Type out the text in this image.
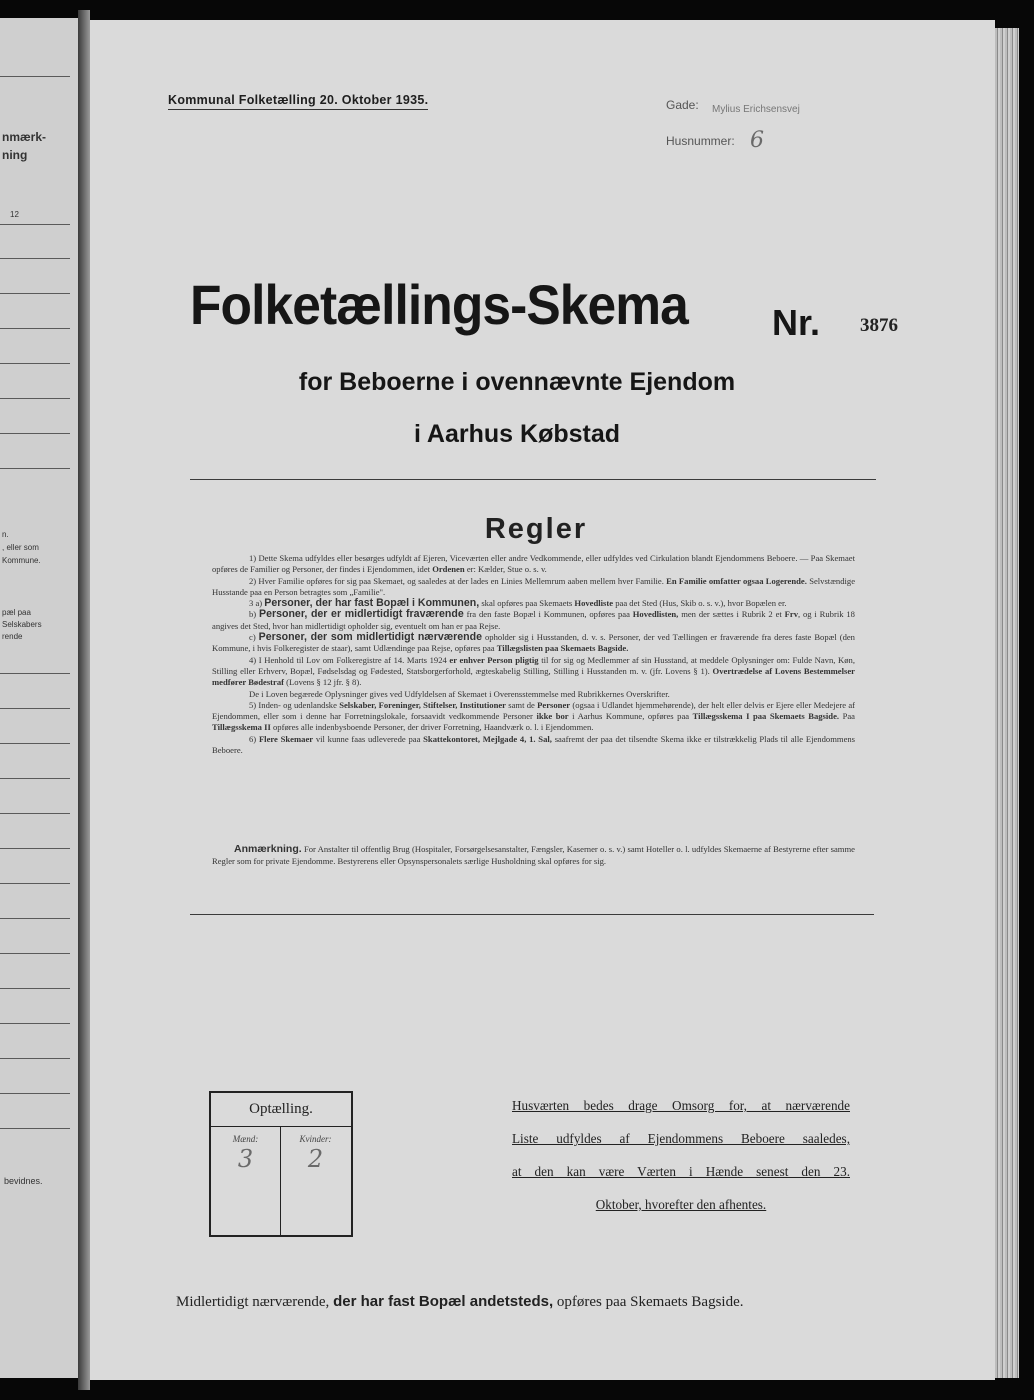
nmærk-
ning
12
n.
, eller som
Kommune.
pæl paa
Selskabers
rende
bevidnes.
Kommunal Folketælling 20. Oktober 1935.	Gade: Mylius Erichsensvej
Husnummer: 6
Folketællings-Skema Nr. 3876
for Beboerne i ovennævnte Ejendom
i Aarhus Købstad
Regler

1) Dette Skema udfyldes eller besørges udfyldt af Ejeren, Viceværten eller andre Vedkommende, eller udfyldes ved Cirkulation blandt Ejendommens Beboere. — Paa Skemaet opføres de Familier og Personer, der findes i Ejendommen, idet Ordenen er: Kælder, Stue o. s. v.

2) Hver Familie opføres for sig paa Skemaet, og saaledes at der lades en Linies Mellemrum aaben mellem hver Familie. En Familie omfatter ogsaa Logerende. Selvstændige Husstande paa en Person betragtes som „Familie".

3 a) Personer, der har fast Bopæl i Kommunen, skal opføres paa Skemaets Hovedliste paa det Sted (Hus, Skib o. s. v.), hvor Bopælen er.

b) Personer, der er midlertidigt fraværende fra den faste Bopæl i Kommunen, opføres paa Hovedlisten, men der sættes i Rubrik 2 et Frv, og i Rubrik 18 angives det Sted, hvor han midlertidigt opholder sig, eventuelt om han er paa Rejse.

c) Personer, der som midlertidigt nærværende opholder sig i Husstanden, d. v. s. Personer, der ved Tællingen er fraværende fra deres faste Bopæl (den Kommune, i hvis Folkeregister de staar), samt Udlændinge paa Rejse, opføres paa Tillægslisten paa Skemaets Bagside.

4) I Henhold til Lov om Folkeregistre af 14. Marts 1924 er enhver Person pligtig til for sig og Medlemmer af sin Husstand, at meddele Oplysninger om: Fulde Navn, Køn, Stilling eller Erhverv, Bopæl, Fødselsdag og Fødested, Statsborgerforhold, ægteskabelig Stilling, Stilling i Husstanden m. v. (jfr. Lovens § 1). Overtrædelse af Lovens Bestemmelser medfører Bødestraf (Lovens § 12 jfr. § 8).

De i Loven begærede Oplysninger gives ved Udfyldelsen af Skemaet i Overensstemmelse med Rubrikkernes Overskrifter.

5) Inden- og udenlandske Selskaber, Foreninger, Stiftelser, Institutioner samt de Personer (ogsaa i Udlandet hjemmehørende), der helt eller delvis er Ejere eller Medejere af Ejendommen, eller som i denne har Forretningslokale, forsaavidt vedkommende Personer ikke bor i Aarhus Kommune, opføres paa Tillægsskema I paa Skemaets Bagside. Paa Tillægsskema II opføres alle indenbysboende Personer, der driver Forretning, Haandværk o. l. i Ejendommen.

6) Flere Skemaer vil kunne faas udleverede paa Skattekontoret, Mejlgade 4, 1. Sal, saafremt der paa det tilsendte Skema ikke er tilstrækkelig Plads til alle Ejendommens Beboere.

Anmærkning. For Anstalter til offentlig Brug (Hospitaler, Forsørgelsesanstalter, Fængsler, Kaserner o. s. v.) samt Hoteller o. l. udfyldes Skemaerne af Bestyrerne efter samme Regler som for private Ejendomme. Bestyrerens eller Opsynspersonalets særlige Husholdning skal opføres for sig.
Optælling.
Mænd:	Kvinder:
3	2
Husværten bedes drage Omsorg for, at nærværende
Liste udfyldes af Ejendommens Beboere saaledes,
at den kan være Værten i Hænde senest den 23.
Oktober, hvorefter den afhentes.
Midlertidigt nærværende, der har fast Bopæl andetsteds, opføres paa Skemaets Bagside.
